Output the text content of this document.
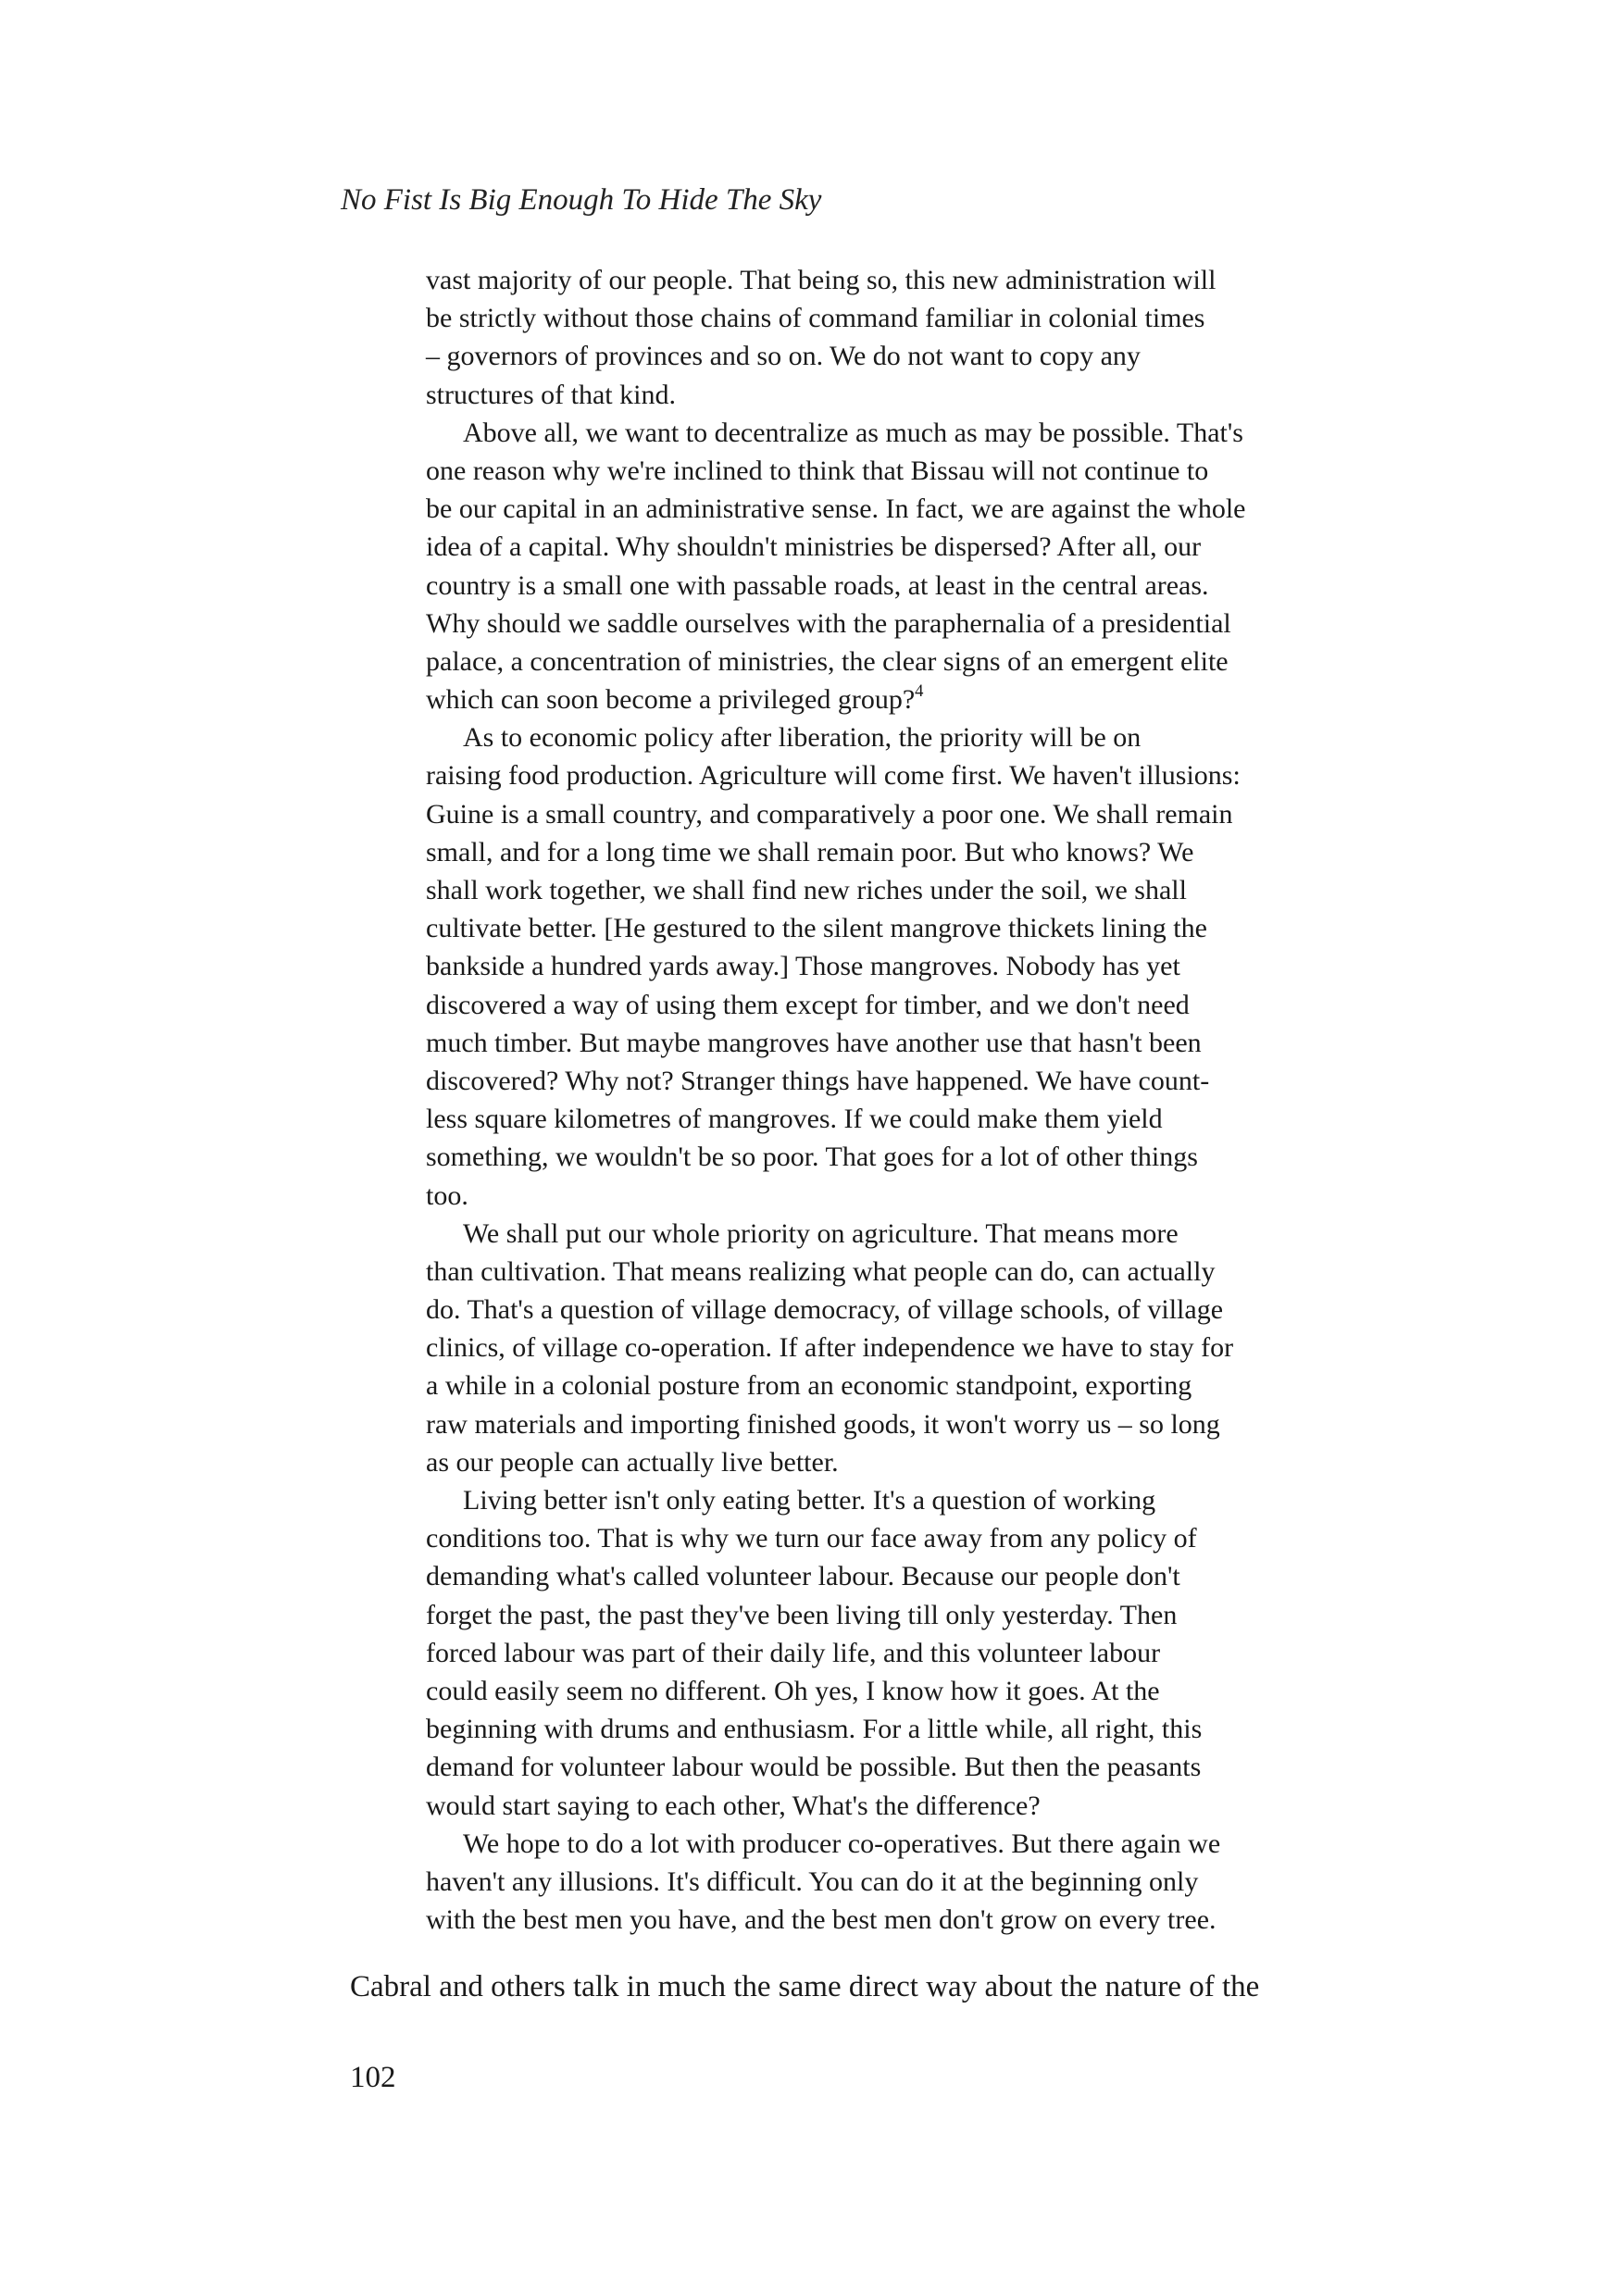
No Fist Is Big Enough To Hide The Sky

vast majority of our people. That being so, this new administration will

be strictly without those chains of command familiar in colonial times

– governors of provinces and so on. We do not want to copy any

structures of that kind.

Above all, we want to decentralize as much as may be possible. That's

one reason why we're inclined to think that Bissau will not continue to

be our capital in an administrative sense. In fact, we are against the whole

idea of a capital. Why shouldn't ministries be dispersed? After all, our

country is a small one with passable roads, at least in the central areas.

Why should we saddle ourselves with the paraphernalia of a presidential

palace, a concentration of ministries, the clear signs of an emergent elite

which can soon become a privileged group?$^4$

As to economic policy after liberation, the priority will be on

raising food production. Agriculture will come first. We haven't illusions:

Guine is a small country, and comparatively a poor one. We shall remain

small, and for a long time we shall remain poor. But who knows? We

shall work together, we shall find new riches under the soil, we shall

cultivate better. [He gestured to the silent mangrove thickets lining the

bankside a hundred yards away.] Those mangroves. Nobody has yet

discovered a way of using them except for timber, and we don't need

much timber. But maybe mangroves have another use that hasn't been

discovered? Why not? Stranger things have happened. We have count-

less square kilometres of mangroves. If we could make them yield

something, we wouldn't be so poor. That goes for a lot of other things

too.

We shall put our whole priority on agriculture. That means more

than cultivation. That means realizing what people can do, can actually

do. That's a question of village democracy, of village schools, of village

clinics, of village co-operation. If after independence we have to stay for

a while in a colonial posture from an economic standpoint, exporting

raw materials and importing finished goods, it won't worry us – so long

as our people can actually live better.

Living better isn't only eating better. It's a question of working

conditions too. That is why we turn our face away from any policy of

demanding what's called volunteer labour. Because our people don't

forget the past, the past they've been living till only yesterday. Then

forced labour was part of their daily life, and this volunteer labour

could easily seem no different. Oh yes, I know how it goes. At the

beginning with drums and enthusiasm. For a little while, all right, this

demand for volunteer labour would be possible. But then the peasants

would start saying to each other, What's the difference?

We hope to do a lot with producer co-operatives. But there again we

haven't any illusions. It's difficult. You can do it at the beginning only

with the best men you have, and the best men don't grow on every tree.

Cabral and others talk in much the same direct way about the nature of the

102
